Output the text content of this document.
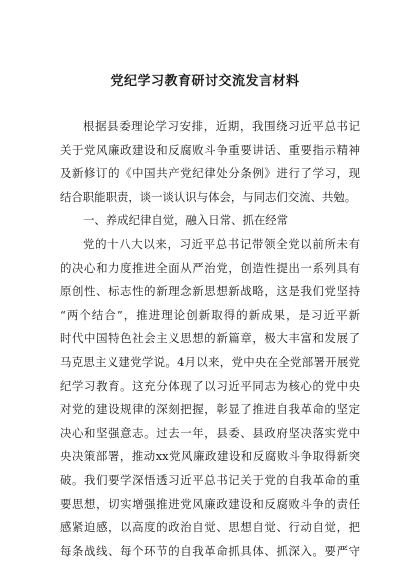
党纪学习教育研讨交流发言材料
根据县委理论学习安排，近期，我围绕习近平总书记
关于党风廉政建设和反腐败斗争重要讲话、重要指示精神
及新修订的《中国共产党纪律处分条例》进行了学习，现
结合职能职责，谈一谈认识与体会，与同志们交流、共勉。
一、养成纪律自觉，融入日常、抓在经常
党的十八大以来，习近平总书记带领全党以前所未有
的决心和力度推进全面从严治党，创造性提出一系列具有
原创性、标志性的新理念新思想新战略，这是我们党坚持
“两个结合”，推进理论创新取得的新成果，是习近平新
时代中国特色社会主义思想的新篇章，极大丰富和发展了
马克思主义建党学说。4月以来，党中央在全党部署开展党
纪学习教育。这充分体现了以习近平同志为核心的党中央
对党的建设规律的深刻把握，彰显了推进自我革命的坚定
决心和坚强意志。过去一年，县委、县政府坚决落实党中
央决策部署，推动xx党风廉政建设和反腐败斗争取得新突
破。我们要学深悟透习近平总书记关于党的自我革命的重
要思想，切实增强推进党风廉政建设和反腐败斗争的责任
感紧迫感，以高度的政治自觉、思想自觉、行动自觉，把
每条战线、每个环节的自我革命抓具体、抓深入。要严守
